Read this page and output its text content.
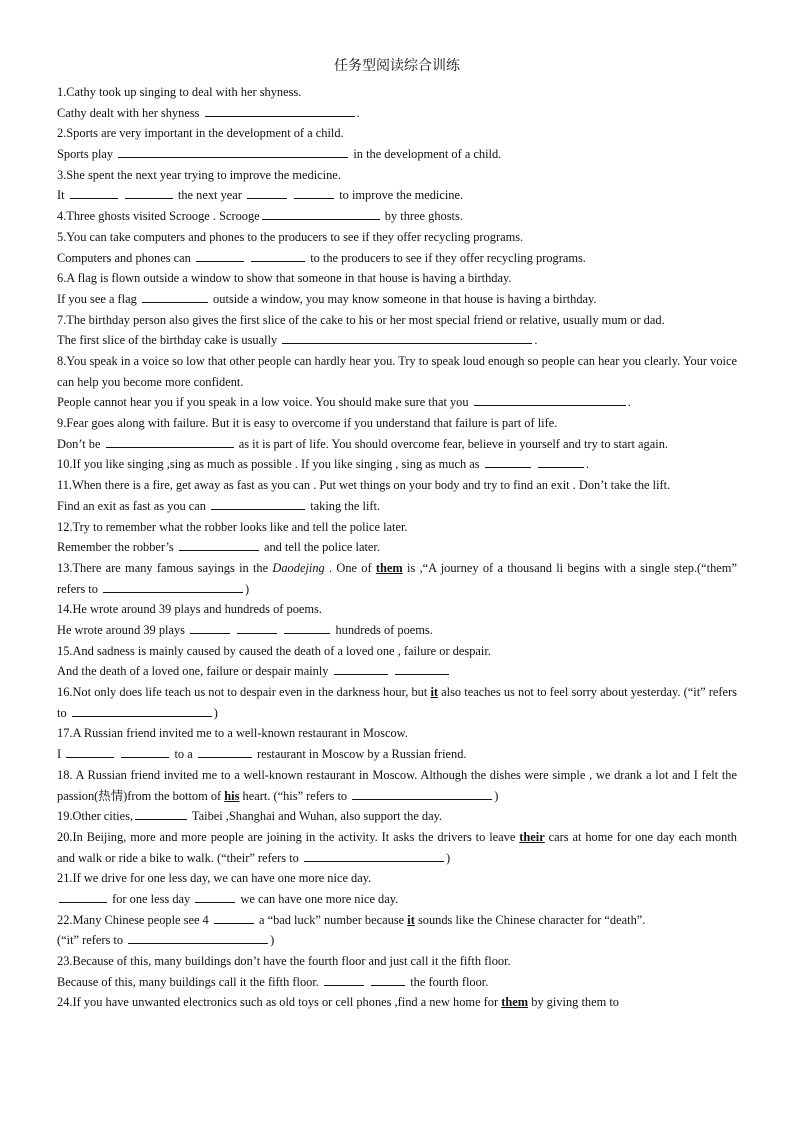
任务型阅读综合训练
1.Cathy took up singing to deal with her shyness.
Cathy dealt with her shyness	.
2.Sports are very important in the development of a child.
Sports play	in the development of a child.
3.She spent the next year trying to improve the medicine.
It	the next year	to improve the medicine.
4.Three ghosts visited Scrooge . Scrooge	by three ghosts.
5.You can take computers and phones to the producers to see if they offer recycling programs.
Computers and phones can	to the producers to see if they offer recycling programs.
6.A flag is flown outside a window to show that someone in that house is having a birthday.
If you see a flag	outside a window, you may know someone in that house is having a birthday.
7.The birthday person also gives the first slice of the cake to his or her most special friend or relative, usually mum or dad.
The first slice of the birthday cake is usually	.
8.You speak in a voice so low that other people can hardly hear you. Try to speak loud enough so people can hear you clearly. Your voice can help you become more confident.
People cannot hear you if you speak in a low voice. You should make sure that you	.
9.Fear goes along with failure. But it is easy to overcome if you understand that failure is part of life.
Don’t be	as it is part of life. You should overcome fear, believe in yourself and try to start again.
10.If you like singing ,sing as much as possible . If you like singing , sing as much as	.
11.When there is a fire, get away as fast as you can . Put wet things on your body and try to find an exit . Don’t take the lift.
Find an exit as fast as you can	taking the lift.
12.Try to remember what the robber looks like and tell the police later.
Remember the robber’s	and tell the police later.
13.There are many famous sayings in the Daodejing . One of them is ,“A journey of a thousand li begins with a single step.(“them” refers to	)
14.He wrote around 39 plays and hundreds of poems.
He wrote around 39 plays	hundreds of poems.
15.And sadness is mainly caused by caused the death of a loved one , failure or despair.
And the death of a loved one, failure or despair mainly
16.Not only does life teach us not to despair even in the darkness hour, but it also teaches us not to feel sorry about yesterday. (“it” refers to	)
17.A Russian friend invited me to a well-known restaurant in Moscow.
I	to a	restaurant in Moscow by a Russian friend.
18. A Russian friend invited me to a well-known restaurant in Moscow. Although the dishes were simple , we drank a lot and I felt the passion(热情)from the bottom of his heart. (“his” refers to	)
19.Other cities,	Taibei ,Shanghai and Wuhan, also support the day.
20.In Beijing, more and more people are joining in the activity. It asks the drivers to leave their cars at home for one day each month and walk or ride a bike to walk. (“their” refers to	)
21.If we drive for one less day, we can have one more nice day.
for one less day	we can have one more nice day.
22.Many Chinese people see 4	a “bad luck” number because it sounds like the Chinese character for “death”.
(“it” refers to	)
23.Because of this, many buildings don’t have the fourth floor and just call it the fifth floor.
Because of this, many buildings call it the fifth floor.	the fourth floor.
24.If you have unwanted electronics such as old toys or cell phones ,find a new home for them by giving them to
